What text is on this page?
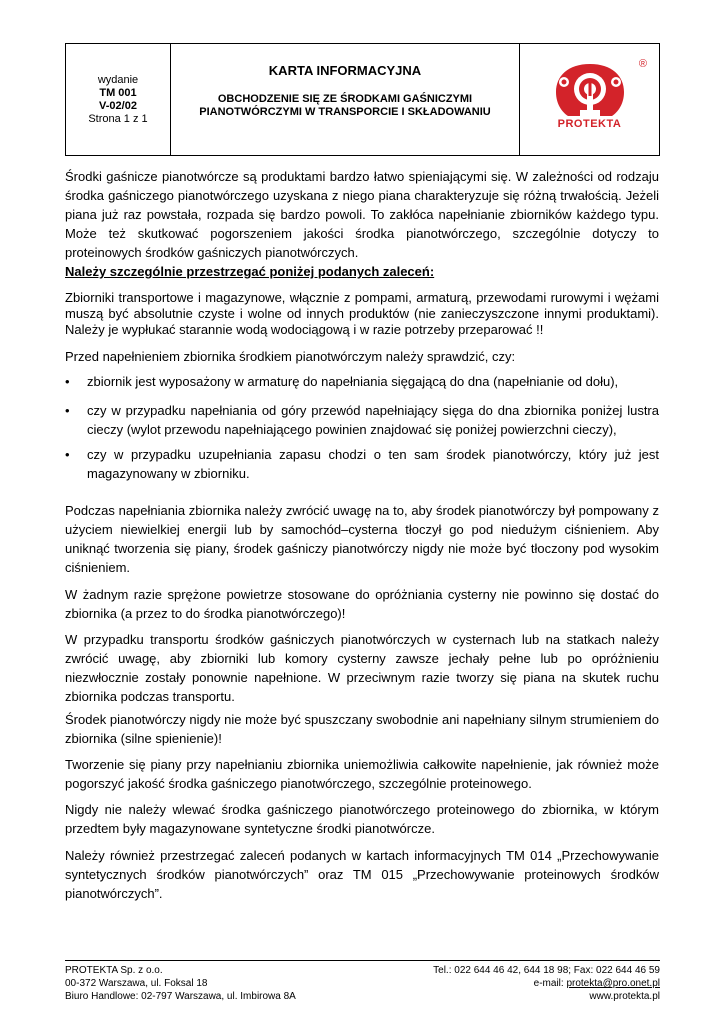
wydanie
TM 001
V-02/02
Strona 1 z 1
KARTA INFORMACYJNA
OBCHODZENIE SIĘ ZE ŚRODKAMI GAŚNICZYMI
PIANOTWÓRCZYMI W TRANSPORCIE I SKŁADOWANIU
PROTEKTA
®

Środki gaśnicze pianotwórcze są produktami bardzo łatwo spieniającymi się. W zależności od rodzaju środka gaśniczego pianotwórczego uzyskana z niego piana charakteryzuje się różną trwałością. Jeżeli piana już raz powstała, rozpada się bardzo powoli. To zakłóca napełnianie zbiorników każdego typu. Może też skutkować pogorszeniem jakości środka pianotwórczego, szczególnie dotyczy to proteinowych środków gaśniczych pianotwórczych.

Należy szczególnie przestrzegać poniżej podanych zaleceń:

Zbiorniki transportowe i magazynowe, włącznie z pompami, armaturą, przewodami rurowymi i wężami muszą być absolutnie czyste i wolne od innych produktów (nie zanieczyszczone innymi produktami). Należy je wypłukać starannie wodą wodociągową i w razie potrzeby przeparować !!

Przed napełnieniem zbiornika środkiem pianotwórczym należy sprawdzić, czy:

• zbiornik jest wyposażony w armaturę do napełniania sięgającą do dna (napełnianie od dołu),
• czy w przypadku napełniania od góry przewód napełniający sięga do dna zbiornika poniżej lustra cieczy (wylot przewodu napełniającego powinien znajdować się poniżej powierzchni cieczy),
• czy w przypadku uzupełniania zapasu chodzi o ten sam środek pianotwórczy, który już jest magazynowany w zbiorniku.

Podczas napełniania zbiornika należy zwrócić uwagę na to, aby środek pianotwórczy był pompowany z użyciem niewielkiej energii lub by samochód–cysterna tłoczył go pod niedużym ciśnieniem. Aby uniknąć tworzenia się piany, środek gaśniczy pianotwórczy nigdy nie może być tłoczony pod wysokim ciśnieniem.

W żadnym razie sprężone powietrze stosowane do opróżniania cysterny nie powinno się dostać do zbiornika (a przez to do środka pianotwórczego)!

W przypadku transportu środków gaśniczych pianotwórczych w cysternach lub na statkach należy zwrócić uwagę, aby zbiorniki lub komory cysterny zawsze jechały pełne lub po opróżnieniu niezwłocznie zostały ponownie napełnione. W przeciwnym razie tworzy się piana na skutek ruchu zbiornika podczas transportu.

Środek pianotwórczy nigdy nie może być spuszczany swobodnie ani napełniany silnym strumieniem do zbiornika (silne spienienie)!

Tworzenie się piany przy napełnianiu zbiornika uniemożliwia całkowite napełnienie, jak również może pogorszyć jakość środka gaśniczego pianotwórczego, szczególnie proteinowego.

Nigdy nie należy wlewać środka gaśniczego pianotwórczego proteinowego do zbiornika, w którym przedtem były magazynowane syntetyczne środki pianotwórcze.

Należy również przestrzegać zaleceń podanych w kartach informacyjnych TM 014 „Przechowywanie syntetycznych środków pianotwórczych” oraz TM 015 „Przechowywanie proteinowych środków pianotwórczych”.

PROTEKTA Sp. z o.o.
00-372 Warszawa, ul. Foksal 18
Biuro Handlowe: 02-797 Warszawa, ul. Imbirowa 8A
Tel.: 022 644 46 42, 644 18 98; Fax: 022 644 46 59
e-mail: protekta@pro.onet.pl
www.protekta.pl
